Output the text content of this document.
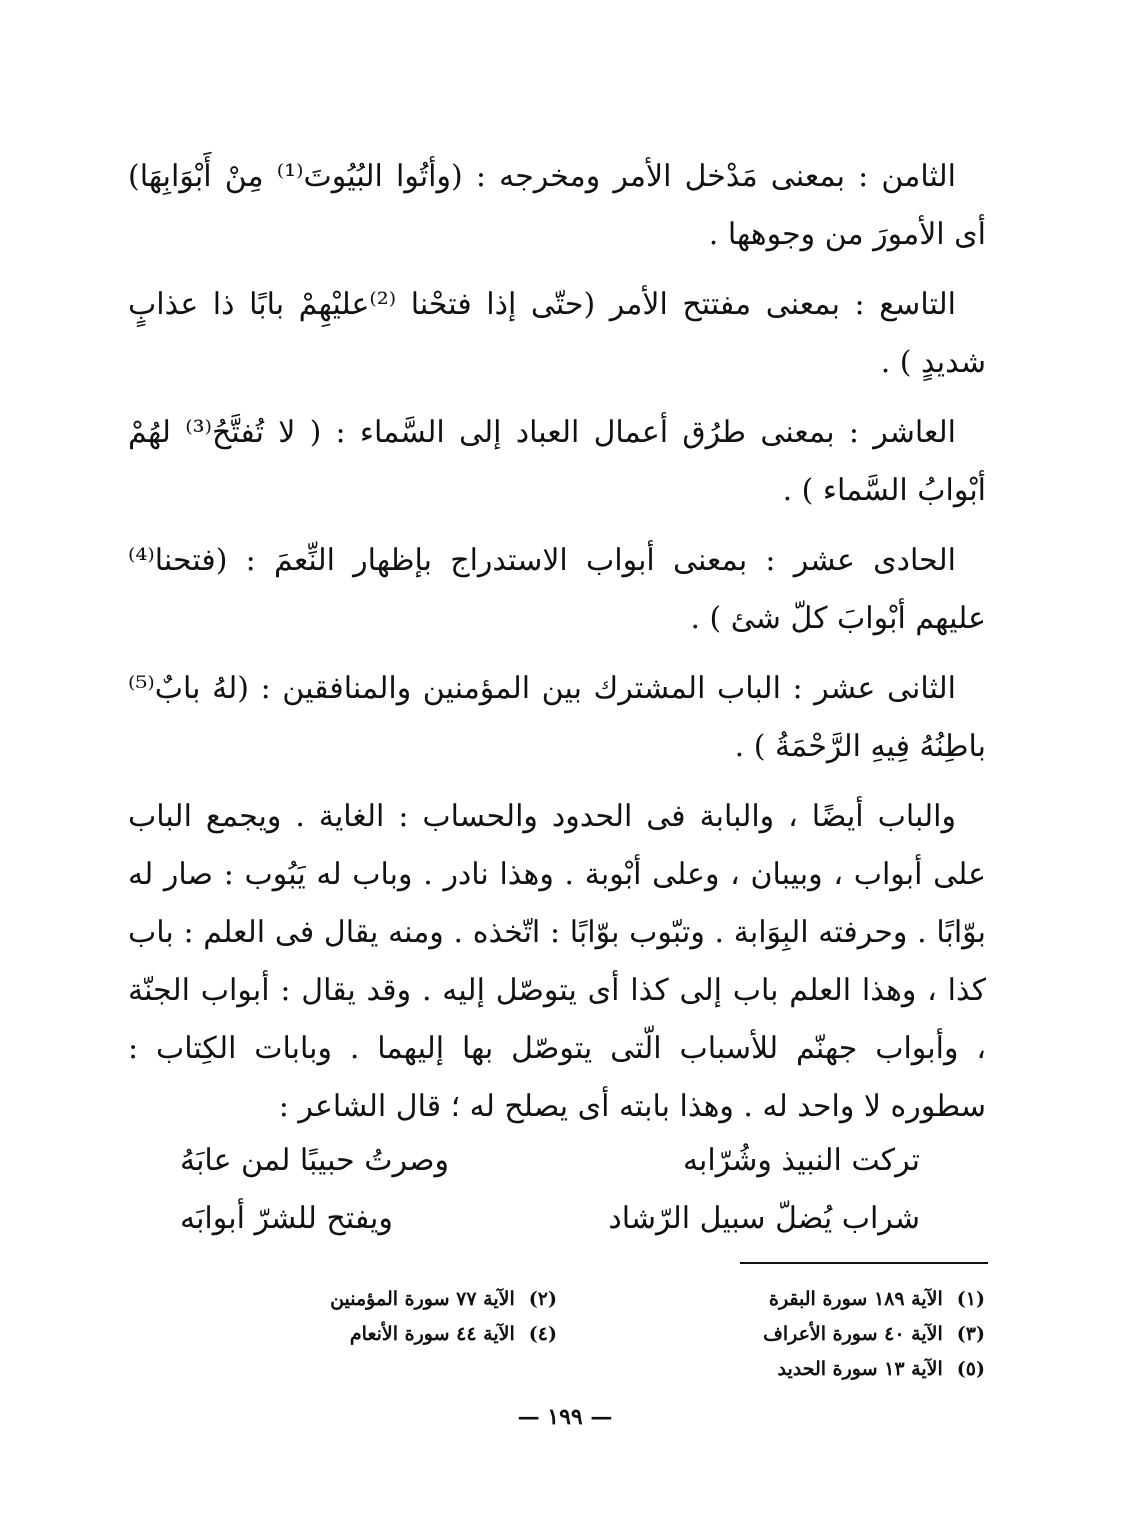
الثامن : بمعنى مَدْخل الأمر ومخرجه : (وأتُوا البُيُوتَ⁽¹⁾ مِنْ أَبْوَابِهَا) أى الأمورَ من وجوهها .

التاسع : بمعنى مفتتح الأمر (حتّى إذا فتحْنا ⁽²⁾عليْهِمْ بابًا ذا عذابٍ شديدٍ ) .

العاشر : بمعنى طرُق أعمال العباد إلى السَّماء : ( لا تُفتَّحُ⁽³⁾ لهُمْ أبْوابُ السَّماء ) .

الحادى عشر : بمعنى أبواب الاستدراج بإظهار النِّعمَ : (فتحنا⁽⁴⁾ عليهم أبْوابَ كلّ شئ ) .

الثانى عشر : الباب المشترك بين المؤمنين والمنافقين : (لهُ بابٌ⁽⁵⁾ باطِنُهُ فِيهِ الرَّحْمَةُ ) .

والباب أيضًا ، والبابة فى الحدود والحساب : الغاية . ويجمع الباب على أبواب ، وبيبان ، وعلى أبْوبة . وهذا نادر . وباب له يَبُوب : صار له بوّابًا . وحرفته البِوَابة . وتبّوب بوّابًا : اتّخذه . ومنه يقال فى العلم : باب كذا ، وهذا العلم باب إلى كذا أى يتوصّل إليه . وقد يقال : أبواب الجنّة ، وأبواب جهنّم للأسباب الّتى يتوصّل بها إليهما . وبابات الكِتاب : سطوره لا واحد له . وهذا بابته أى يصلح له ؛ قال الشاعر :

تركت النبيذ وشُرّابه
وصرتُ حبيبًا لمن عابَهُ
شراب يُضلّ سبيل الرّشاد
ويفتح للشرّ أبوابَه
(١)
الآية ١٨٩ سورة البقرة
(٣)
الآية ٤٠ سورة الأعراف
(٥)
الآية ١٣ سورة الحديد
(٢)
الآية ٧٧ سورة المؤمنين
(٤)
الآية ٤٤ سورة الأنعام
— ١٩٩ —
